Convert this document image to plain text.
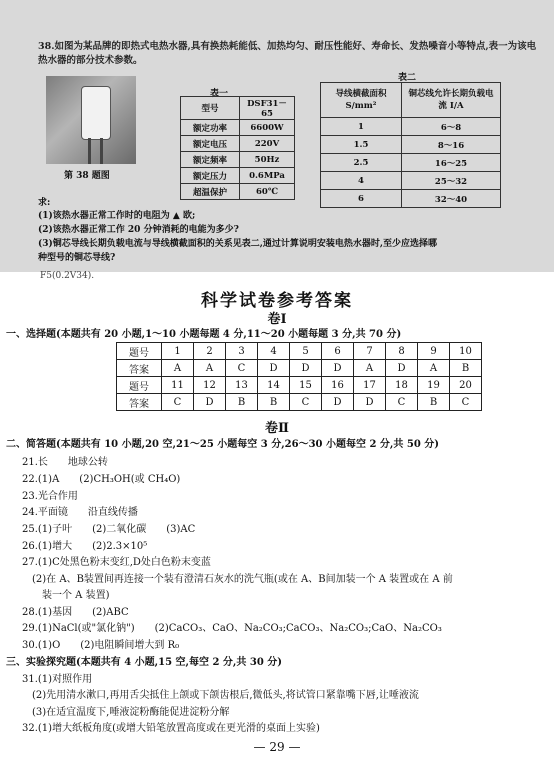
38.如图为某品牌的即热式电热水器,具有换热耗能低、加热均匀、耐压性能好、寿命长、发热噪音小等特点,表一为该电热水器的部分技术参数。
第 38 题图
表一
型号	DSF31－65
额定功率	6600W
额定电压	220V
额定频率	50Hz
额定压力	0.6MPa
超温保护	60℃
表二
导线横截面积 S/mm²	铜芯线允许长期负载电流 I/A
1	6～8
1.5	8～16
2.5	16～25
4	25～32
6	32～40
求:
(1)该热水器正常工作时的电阻为 ▲ 欧;
(2)该热水器正常工作 20 分钟消耗的电能为多少?
(3)铜芯导线长期负载电流与导线横截面积的关系见表二,通过计算说明安装电热水器时,至少应选择哪
种型号的铜芯导线?
F5(0.2V34).
科学试卷参考答案
卷Ⅰ
一、选择题(本题共有 20 小题,1～10 小题每题 4 分,11～20 小题每题 3 分,共 70 分)
题号	1	2	3	4	5	6	7	8	9	10
答案	A	A	C	D	D	D	A	D	A	B
题号	11	12	13	14	15	16	17	18	19	20
答案	C	D	B	B	C	D	D	C	B	C
卷Ⅱ
二、简答题(本题共有 10 小题,20 空,21～25 小题每空 3 分,26～30 小题每空 2 分,共 50 分)
21.长　　地球公转
22.(1)A　　(2)CH₃OH(或 CH₄O)
23.光合作用
24.平面镜　　沿直线传播
25.(1)子叶　　(2)二氧化碳　　(3)AC
26.(1)增大　　(2)2.3×10⁵
27.(1)C处黑色粉末变红,D处白色粉末变蓝
　(2)在 A、B装置间再连接一个装有澄清石灰水的洗气瓶(或在 A、B间加装一个 A 装置或在 A 前
　　装一个 A 装置)
28.(1)基因　　(2)ABC
29.(1)NaCl(或"氯化钠")　　(2)CaCO₃、CaO、Na₂CO₃;CaCO₃、Na₂CO₃;CaO、Na₂CO₃
30.(1)O　　(2)电阻瞬间增大到 R₀
三、实验探究题(本题共有 4 小题,15 空,每空 2 分,共 30 分)
31.(1)对照作用
　(2)先用清水漱口,再用舌尖抵住上颌或下颌齿根后,微低头,将试管口紧靠嘴下唇,让唾液流
　(3)在适宜温度下,唾液淀粉酶能促进淀粉分解
32.(1)增大纸板角度(或增大铅笔放置高度或在更光滑的桌面上实验)
— 29 —
